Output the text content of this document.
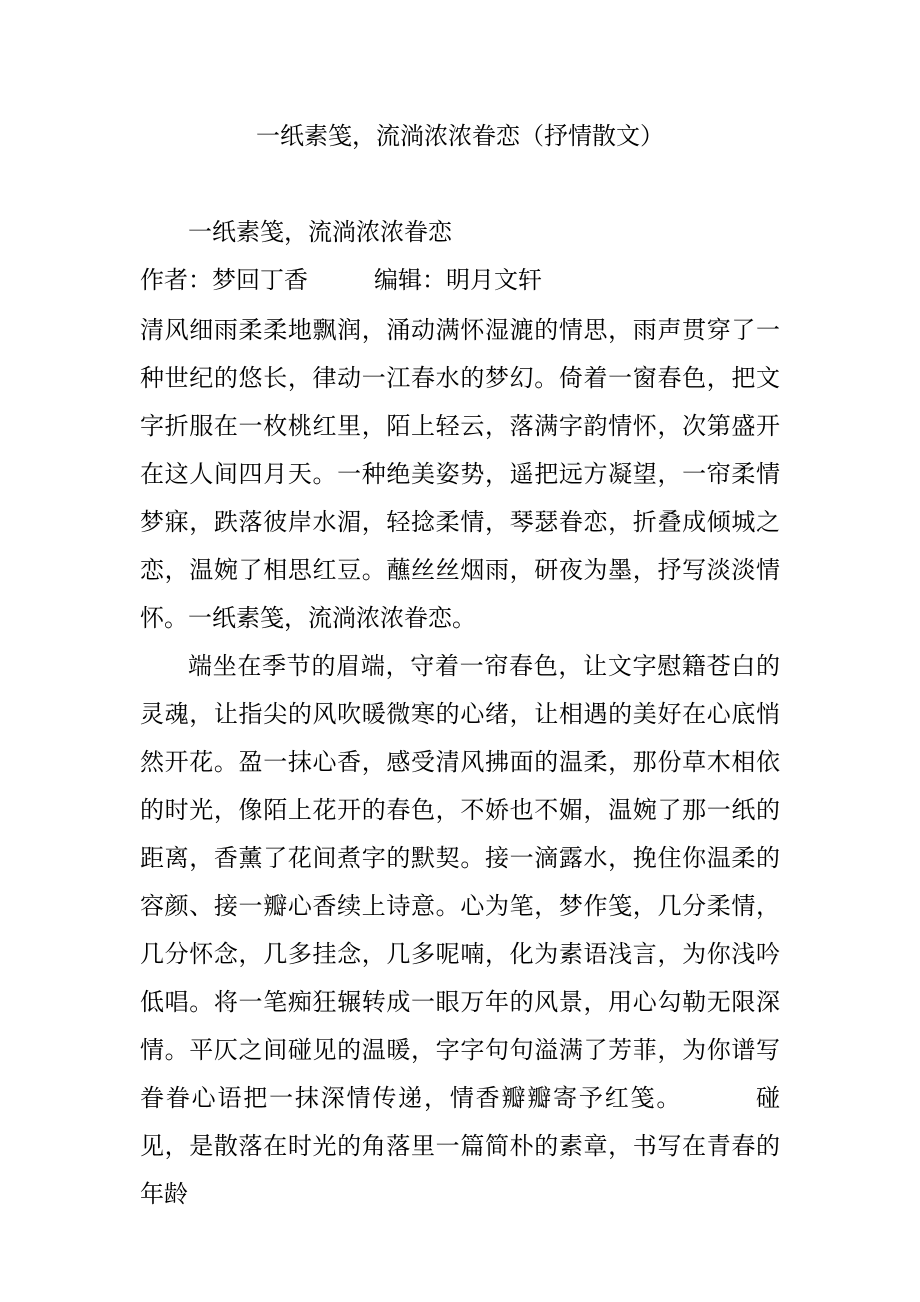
一纸素笺，流淌浓浓眷恋（抒情散文）
一纸素笺，流淌浓浓眷恋
作者：梦回丁香	编辑：明月文轩

清风细雨柔柔地飘润，涌动满怀湿漉的情思，雨声贯穿了一种世纪的悠长，律动一江春水的梦幻。倚着一窗春色，把文字折服在一枚桃红里，陌上轻云，落满字韵情怀，次第盛开在这人间四月天。一种绝美姿势，遥把远方凝望，一帘柔情梦寐，跌落彼岸水湄，轻捻柔情，琴瑟眷恋，折叠成倾城之恋，温婉了相思红豆。蘸丝丝烟雨，研夜为墨，抒写淡淡情怀。一纸素笺，流淌浓浓眷恋。

端坐在季节的眉端，守着一帘春色，让文字慰籍苍白的灵魂，让指尖的风吹暖微寒的心绪，让相遇的美好在心底悄然开花。盈一抹心香，感受清风拂面的温柔，那份草木相依的时光，像陌上花开的春色，不娇也不媚，温婉了那一纸的距离，香薰了花间煮字的默契。接一滴露水，挽住你温柔的容颜、接一瓣心香续上诗意。心为笔，梦作笺，几分柔情，几分怀念，几多挂念，几多呢喃，化为素语浅言，为你浅吟低唱。将一笔痴狂辗转成一眼万年的风景，用心勾勒无限深情。平仄之间碰见的温暖，字字句句溢满了芳菲，为你谱写眷眷心语把一抹深情传递，情香瓣瓣寄予红笺。	碰见，是散落在时光的角落里一篇简朴的素章，书写在青春的年龄
